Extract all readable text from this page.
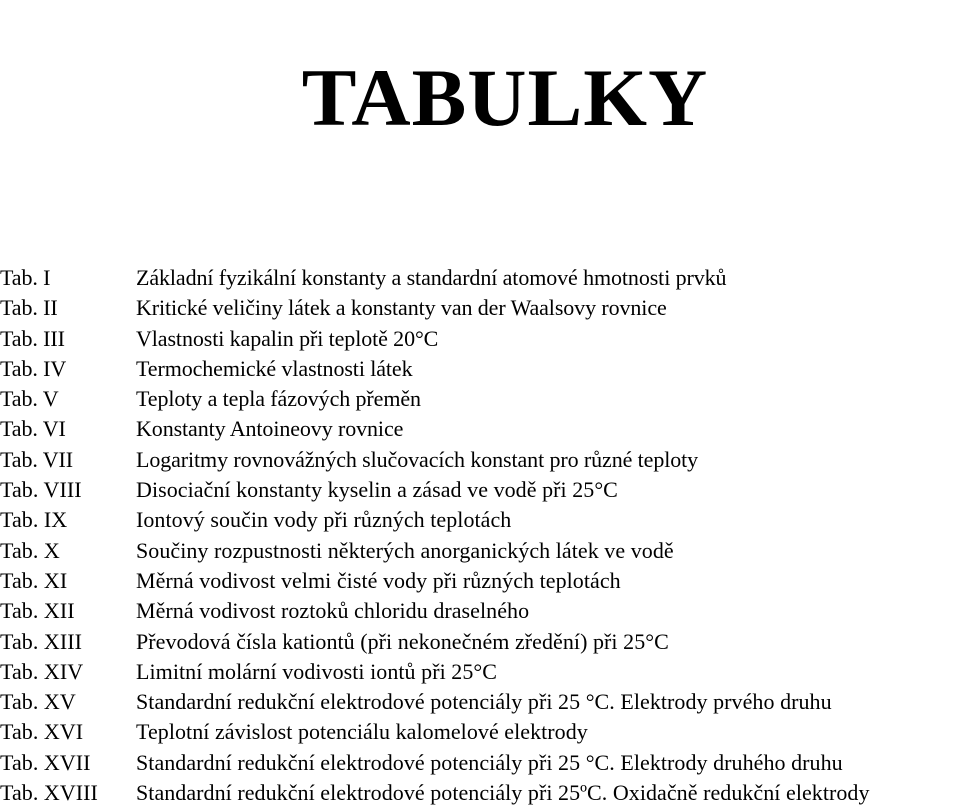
TABULKY
Tab. I	Základní fyzikální konstanty a standardní atomové hmotnosti prvků
Tab. II	Kritické veličiny látek a konstanty van der Waalsovy rovnice
Tab. III	Vlastnosti kapalin při teplotě 20°C
Tab. IV	Termochemické vlastnosti látek
Tab. V	Teploty a tepla fázových přeměn
Tab. VI	Konstanty Antoineovy rovnice
Tab. VII	Logaritmy rovnovážných slučovacích konstant pro různé teploty
Tab. VIII Disociační konstanty kyselin a zásad ve vodě při 25°C
Tab. IX	Iontový součin vody při různých teplotách
Tab. X	Součiny rozpustnosti některých anorganických látek ve vodě
Tab. XI	Měrná vodivost velmi čisté vody při různých teplotách
Tab. XII	Měrná vodivost roztoků chloridu draselného
Tab. XIII Převodová čísla kationtů (při nekonečném zředění) při 25°C
Tab. XIV Limitní molární vodivosti iontů při 25°C
Tab. XV	Standardní redukční elektrodové potenciály při 25 °C. Elektrody prvého druhu
Tab. XVI Teplotní závislost potenciálu kalomelové elektrody
Tab. XVII Standardní redukční elektrodové potenciály při 25 °C. Elektrody druhého druhu
Tab. XVIII Standardní redukční elektrodové potenciály při 25ºC. Oxidačně redukční elektrody
